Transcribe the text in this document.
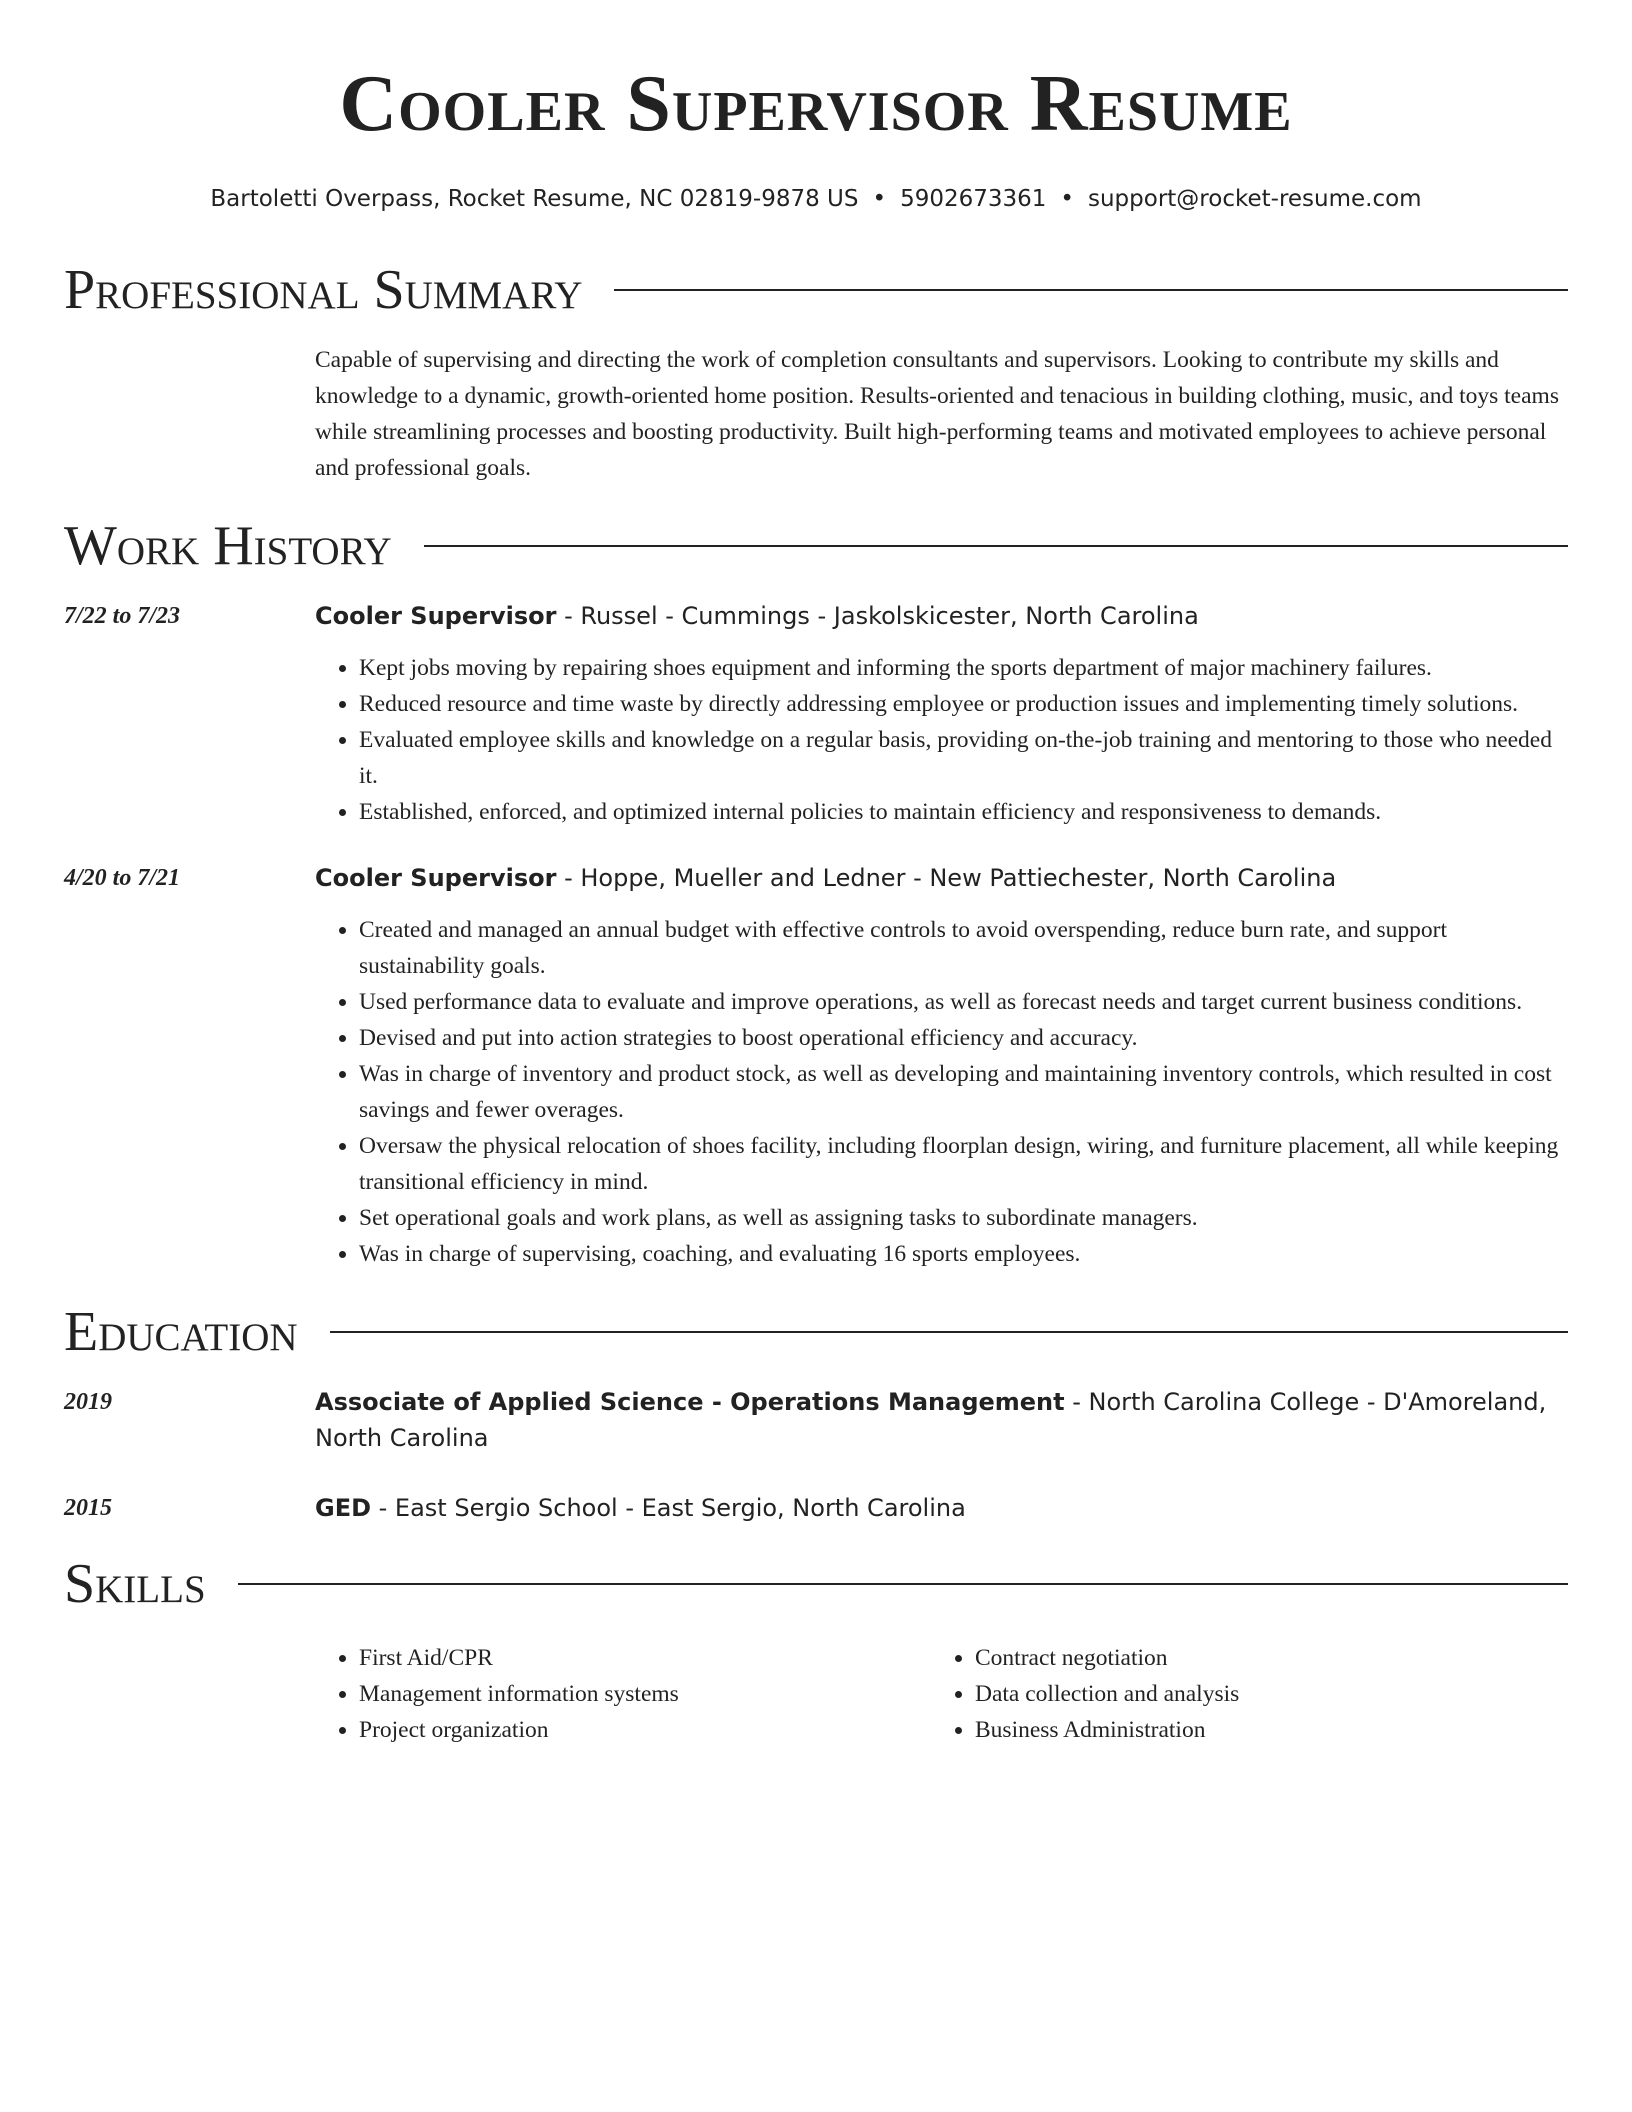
Cooler Supervisor Resume
Bartoletti Overpass, Rocket Resume, NC 02819-9878 US • 5902673361 • support@rocket-resume.com
Professional Summary
Capable of supervising and directing the work of completion consultants and supervisors. Looking to contribute my skills and knowledge to a dynamic, growth-oriented home position. Results-oriented and tenacious in building clothing, music, and toys teams while streamlining processes and boosting productivity. Built high-performing teams and motivated employees to achieve personal and professional goals.
Work History
7/22 to 7/23	Cooler Supervisor - Russel - Cummings - Jaskolskicester, North Carolina
• Kept jobs moving by repairing shoes equipment and informing the sports department of major machinery failures.
• Reduced resource and time waste by directly addressing employee or production issues and implementing timely solutions.
• Evaluated employee skills and knowledge on a regular basis, providing on-the-job training and mentoring to those who needed it.
• Established, enforced, and optimized internal policies to maintain efficiency and responsiveness to demands.
4/20 to 7/21	Cooler Supervisor - Hoppe, Mueller and Ledner - New Pattiechester, North Carolina
• Created and managed an annual budget with effective controls to avoid overspending, reduce burn rate, and support sustainability goals.
• Used performance data to evaluate and improve operations, as well as forecast needs and target current business conditions.
• Devised and put into action strategies to boost operational efficiency and accuracy.
• Was in charge of inventory and product stock, as well as developing and maintaining inventory controls, which resulted in cost savings and fewer overages.
• Oversaw the physical relocation of shoes facility, including floorplan design, wiring, and furniture placement, all while keeping transitional efficiency in mind.
• Set operational goals and work plans, as well as assigning tasks to subordinate managers.
• Was in charge of supervising, coaching, and evaluating 16 sports employees.
Education
2019	Associate of Applied Science - Operations Management - North Carolina College - D'Amoreland, North Carolina
2015	GED - East Sergio School - East Sergio, North Carolina
Skills
• First Aid/CPR
• Management information systems
• Project organization
• Contract negotiation
• Data collection and analysis
• Business Administration
